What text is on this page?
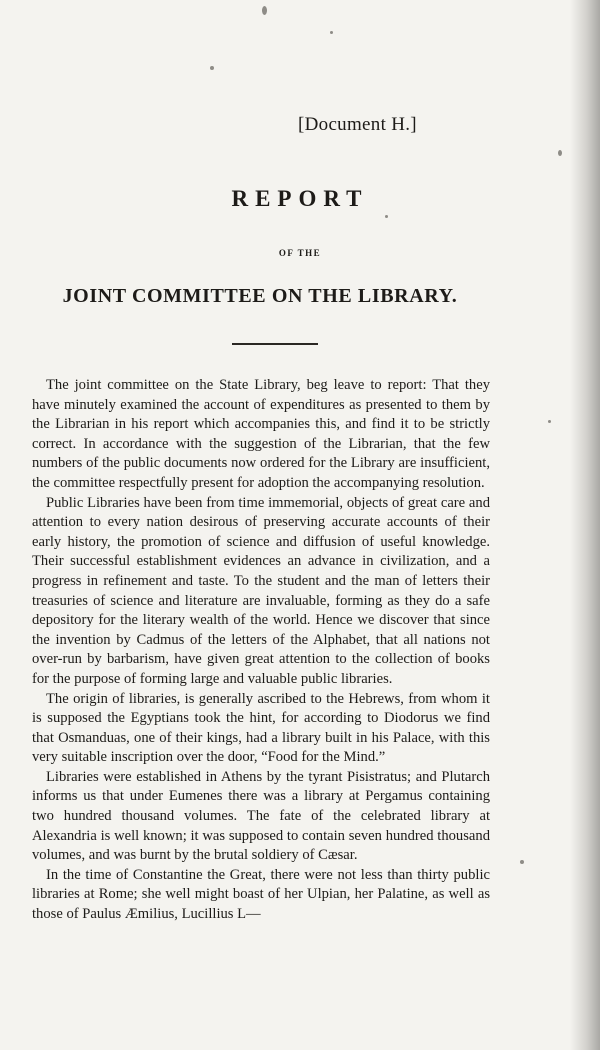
[Document H.]
REPORT
OF THE
JOINT COMMITTEE ON THE LIBRARY.

The joint committee on the State Library, beg leave to report: That they have minutely examined the account of expenditures as presented to them by the Librarian in his report which accompanies this, and find it to be strictly correct. In accordance with the suggestion of the Librarian, that the few numbers of the public documents now ordered for the Library are insufficient, the committee respectfully present for adoption the accompanying resolution.

Public Libraries have been from time immemorial, objects of great care and attention to every nation desirous of preserving accurate accounts of their early history, the promotion of science and diffusion of useful knowledge. Their successful establishment evidences an advance in civilization, and a progress in refinement and taste. To the student and the man of letters their treasuries of science and literature are invaluable, forming as they do a safe depository for the literary wealth of the world. Hence we discover that since the invention by Cadmus of the letters of the Alphabet, that all nations not over-run by barbarism, have given great attention to the collection of books for the purpose of forming large and valuable public libraries.

The origin of libraries, is generally ascribed to the Hebrews, from whom it is supposed the Egyptians took the hint, for according to Diodorus we find that Osmanduas, one of their kings, had a library built in his Palace, with this very suitable inscription over the door, “Food for the Mind.”

Libraries were established in Athens by the tyrant Pisistratus; and Plutarch informs us that under Eumenes there was a library at Pergamus containing two hundred thousand volumes. The fate of the celebrated library at Alexandria is well known; it was supposed to contain seven hundred thousand volumes, and was burnt by the brutal soldiery of Cæsar.

In the time of Constantine the Great, there were not less than thirty public libraries at Rome; she well might boast of her Ulpian, her Palatine, as well as those of Paulus Æmilius, Lucillius L—
